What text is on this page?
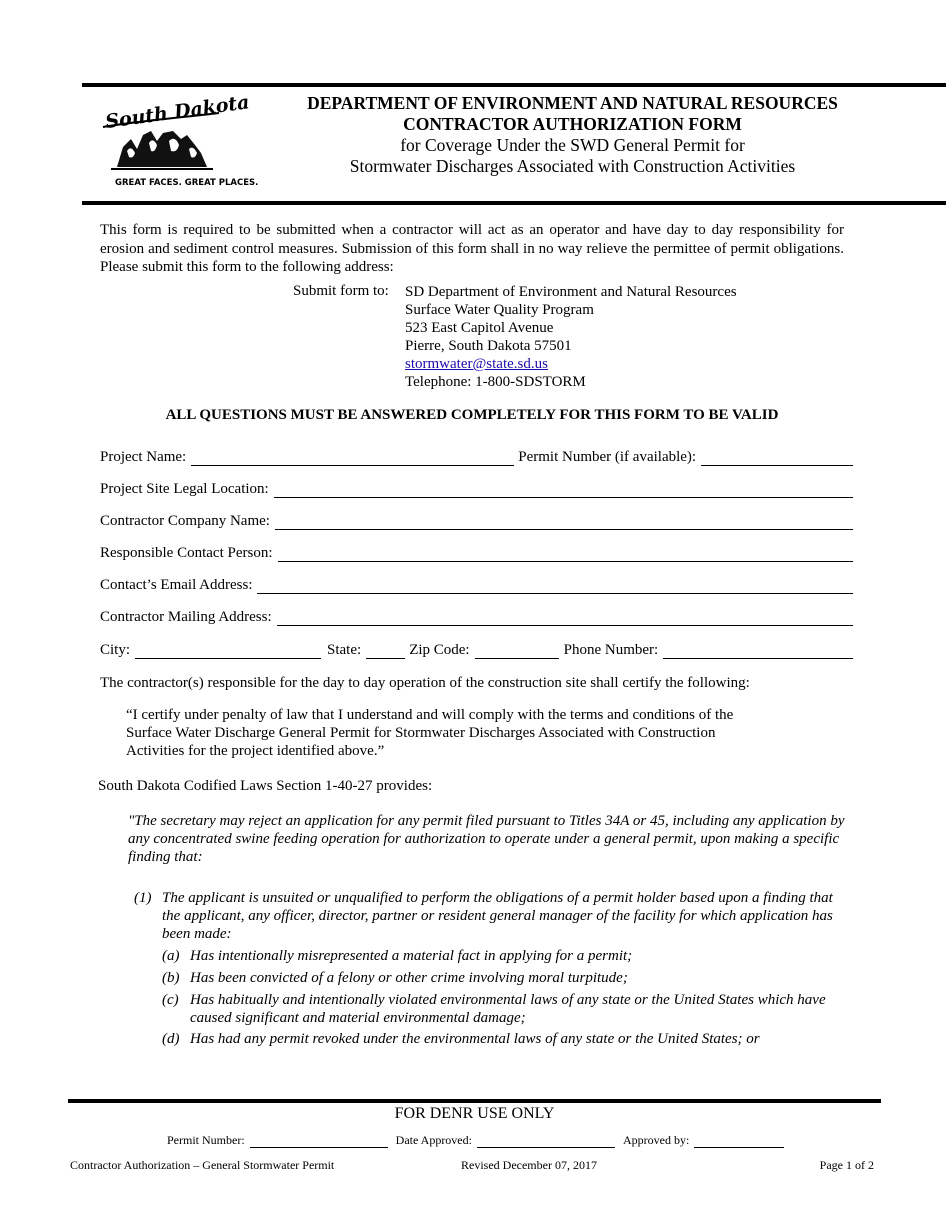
South Dakota
GREAT FACES. GREAT PLACES.
DEPARTMENT OF ENVIRONMENT AND NATURAL RESOURCES
CONTRACTOR AUTHORIZATION FORM
for Coverage Under the SWD General Permit for
Stormwater Discharges Associated with Construction Activities
This form is required to be submitted when a contractor will act as an operator and have day to day responsibility for erosion and sediment control measures. Submission of this form shall in no way relieve the permittee of permit obligations. Please submit this form to the following address:
Submit form to: SD Department of Environment and Natural Resources
Surface Water Quality Program
523 East Capitol Avenue
Pierre, South Dakota 57501
stormwater@state.sd.us
Telephone: 1-800-SDSTORM
ALL QUESTIONS MUST BE ANSWERED COMPLETELY FOR THIS FORM TO BE VALID
Project Name:	Permit Number (if available):
Project Site Legal Location:
Contractor Company Name:
Responsible Contact Person:
Contact’s Email Address:
Contractor Mailing Address:
City:	State:	Zip Code:	Phone Number:
The contractor(s) responsible for the day to day operation of the construction site shall certify the following:
“I certify under penalty of law that I understand and will comply with the terms and conditions of the Surface Water Discharge General Permit for Stormwater Discharges Associated with Construction Activities for the project identified above.”
South Dakota Codified Laws Section 1-40-27 provides:
"The secretary may reject an application for any permit filed pursuant to Titles 34A or 45, including any application by any concentrated swine feeding operation for authorization to operate under a general permit, upon making a specific finding that:
(1) The applicant is unsuited or unqualified to perform the obligations of a permit holder based upon a finding that the applicant, any officer, director, partner or resident general manager of the facility for which application has been made:
(a) Has intentionally misrepresented a material fact in applying for a permit;
(b) Has been convicted of a felony or other crime involving moral turpitude;
(c) Has habitually and intentionally violated environmental laws of any state or the United States which have caused significant and material environmental damage;
(d) Has had any permit revoked under the environmental laws of any state or the United States; or
FOR DENR USE ONLY
Permit Number:	Date Approved:	Approved by:
Contractor Authorization – General Stormwater Permit	Revised December 07, 2017	Page 1 of 2
